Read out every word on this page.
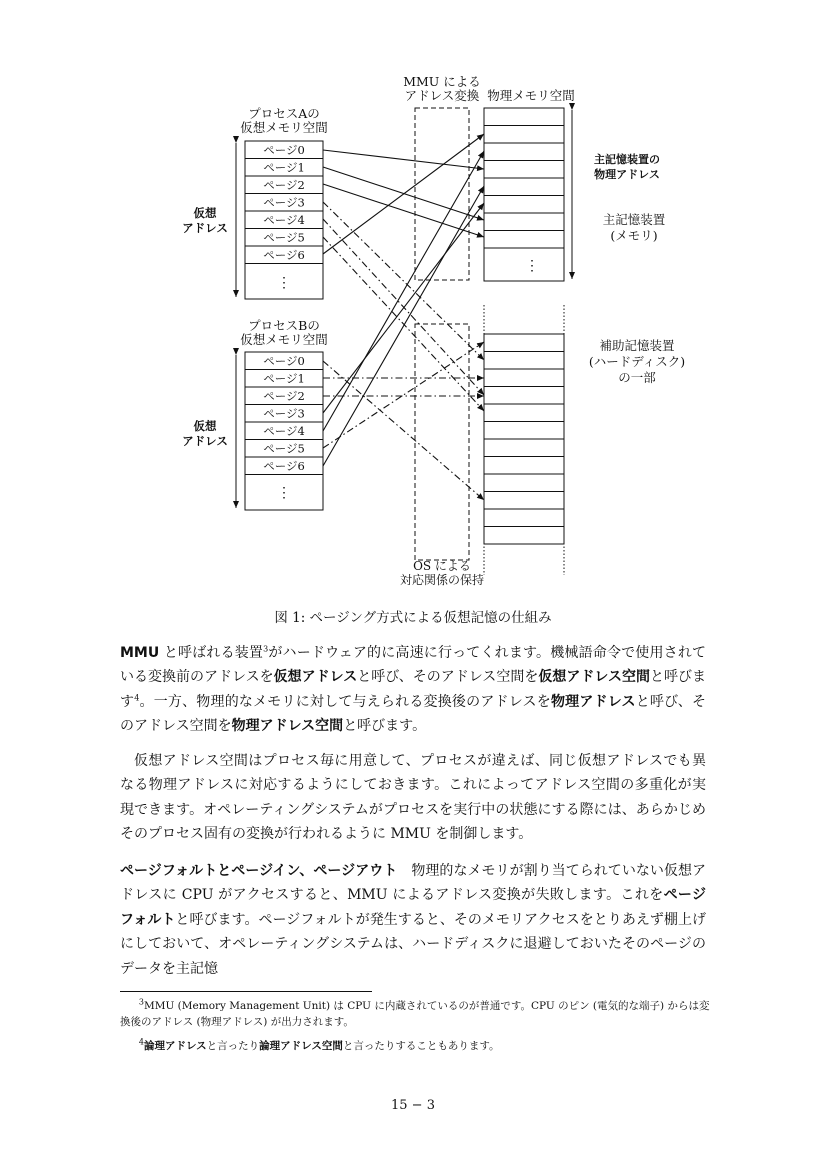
MMU による
アドレス変換 物理メモリ空間
プロセスAの
仮想メモリ空間
ページ0
ページ1
ページ2
ページ3
ページ4
ページ5
ページ6
⋮
仮想
アドレス
⋮
主記憶装置の
物理アドレス
主記憶装置
(メモリ)
プロセスBの
仮想メモリ空間
ページ0
ページ1
ページ2
ページ3
ページ4
ページ5
ページ6
⋮
仮想
アドレス
OS による
対応関係の保持
補助記憶装置
(ハードディスク)
の一部
図 1: ページング方式による仮想記憶の仕組み

MMU と呼ばれる装置$^3$がハードウェア的に高速に行ってくれます。機械語命令で使用されている変換前のアドレスを仮想アドレスと呼び、そのアドレス空間を仮想アドレス空間と呼びます$^4$。一方、物理的なメモリに対して与えられる変換後のアドレスを物理アドレスと呼び、そのアドレス空間を物理アドレス空間と呼びます。

仮想アドレス空間はプロセス毎に用意して、プロセスが違えば、同じ仮想アドレスでも異なる物理アドレスに対応するようにしておきます。これによってアドレス空間の多重化が実現できます。オペレーティングシステムがプロセスを実行中の状態にする際には、あらかじめそのプロセス固有の変換が行われるように MMU を制御します。

ページフォルトとページイン、ページアウト　物理的なメモリが割り当てられていない仮想アドレスに CPU がアクセスすると、MMU によるアドレス変換が失敗します。これをページフォルトと呼びます。ページフォルトが発生すると、そのメモリアクセスをとりあえず棚上げにしておいて、オペレーティングシステムは、ハードディスクに退避しておいたそのページのデータを主記憶

$^3$MMU (Memory Management Unit) は CPU に内蔵されているのが普通です。CPU のピン (電気的な端子) からは変換後のアドレス (物理アドレス) が出力されます。
$^4$論理アドレスと言ったり論理アドレス空間と言ったりすることもあります。
15 − 3
